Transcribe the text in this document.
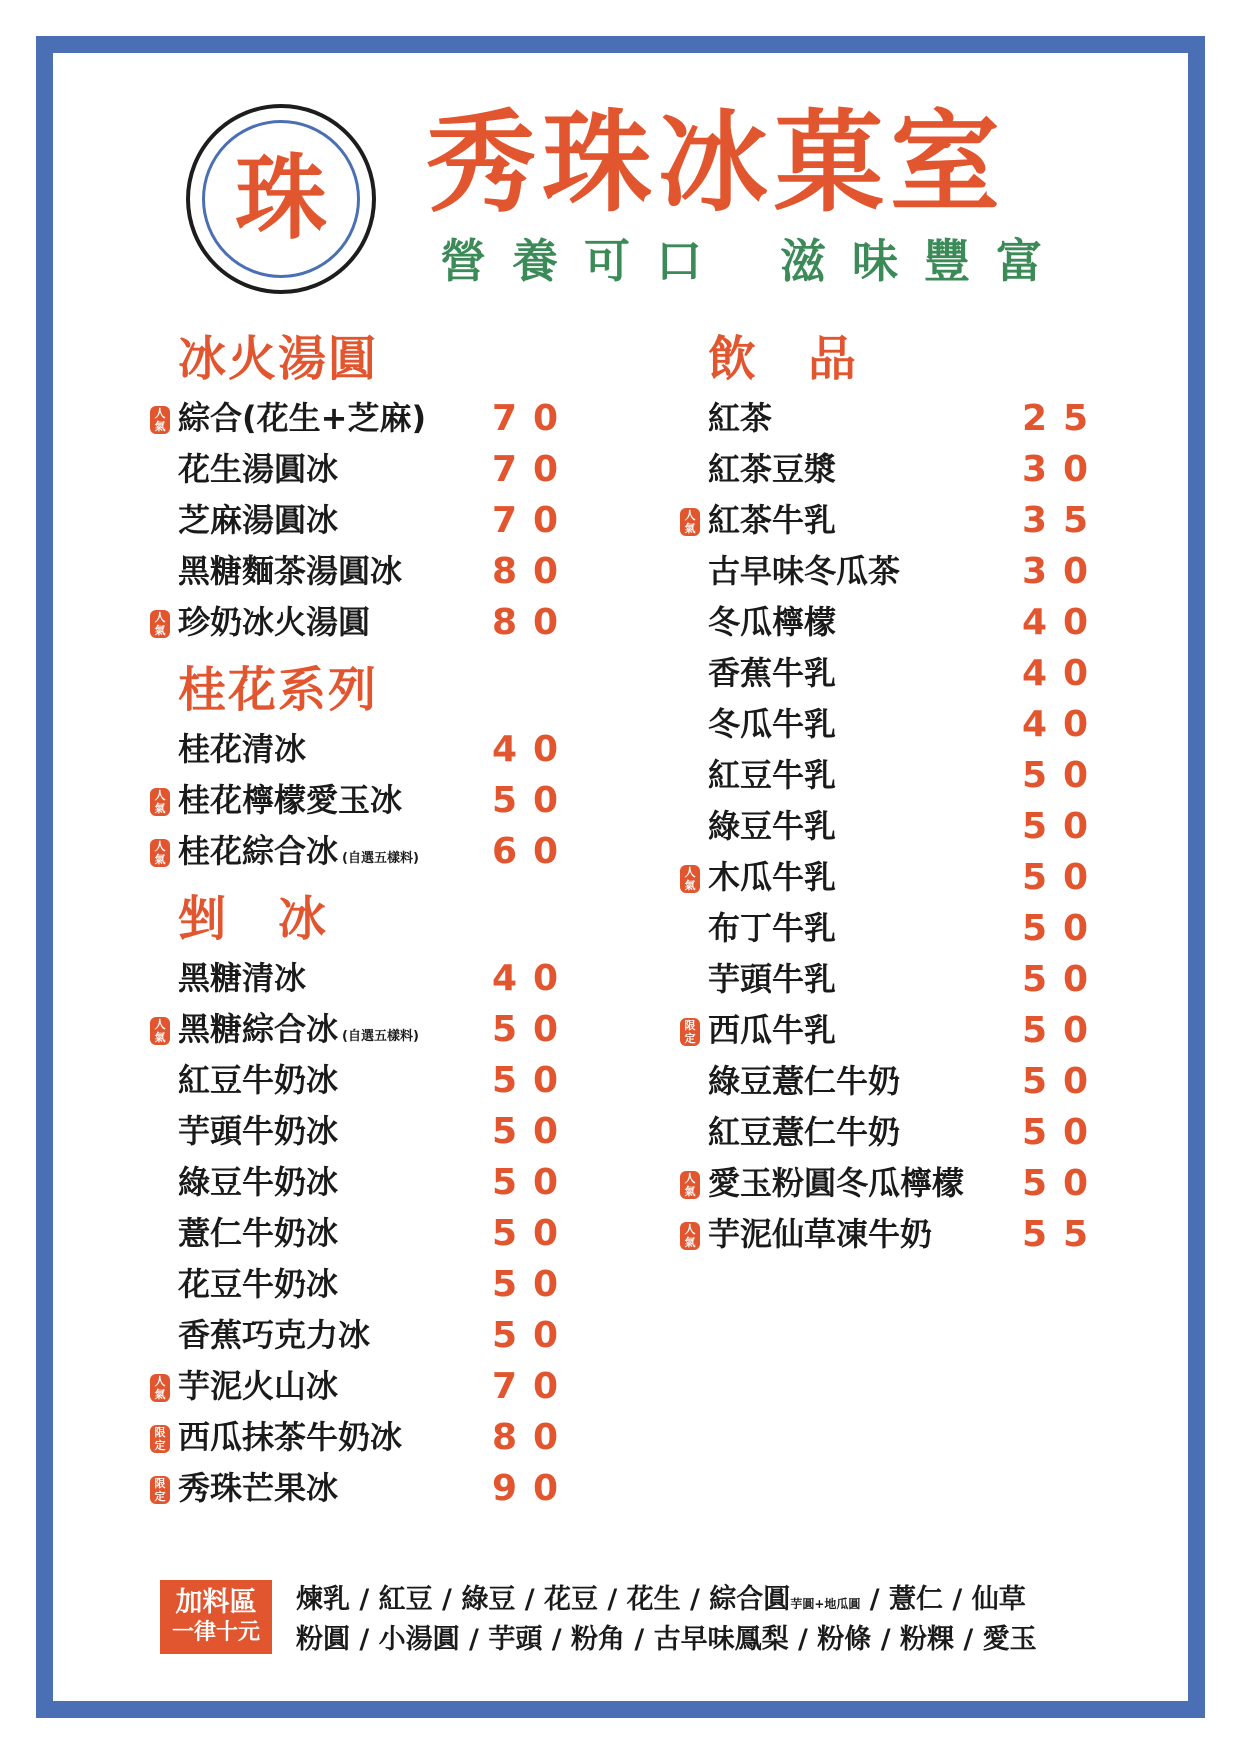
珠 秀珠冰菓室
營養可口 滋味豐富
冰火湯圓
人
氣 綜合(花生+芝麻) 70
花生湯圓冰	70
芝麻湯圓冰	70
黑糖麵茶湯圓冰 80
人
氣 珍奶冰火湯圓	80
桂花系列
桂花清冰	40
人
氣 桂花檸檬愛玉冰 50
人
氣 桂花綜合冰 (自選五樣料) 60
剉　冰
黑糖清冰	40
人
氣 黑糖綜合冰 (自選五樣料) 50
紅豆牛奶冰	50
芋頭牛奶冰	50
綠豆牛奶冰	50
薏仁牛奶冰	50
花豆牛奶冰	50
香蕉巧克力冰	50
人
氣 芋泥火山冰	70
限
定 西瓜抹茶牛奶冰 80
限
定 秀珠芒果冰	90
飲　品
紅茶	25
紅茶豆漿	30
人
氣 紅茶牛乳	35
古早味冬瓜茶	30
冬瓜檸檬	40
香蕉牛乳	40
冬瓜牛乳	40
紅豆牛乳	50
綠豆牛乳	50
人
氣 木瓜牛乳	50
布丁牛乳	50
芋頭牛乳	50
限
定 西瓜牛乳	50
綠豆薏仁牛奶	50
紅豆薏仁牛奶	50
人
氣 愛玉粉圓冬瓜檸檬 50
人
氣 芋泥仙草凍牛奶 55
加料區
一律十元
煉乳 / 紅豆 / 綠豆 / 花豆 / 花生 / 綜合圓芋圓+地瓜圓 / 薏仁 / 仙草
粉圓 / 小湯圓 / 芋頭 / 粉角 / 古早味鳳梨 / 粉條 / 粉粿 / 愛玉
